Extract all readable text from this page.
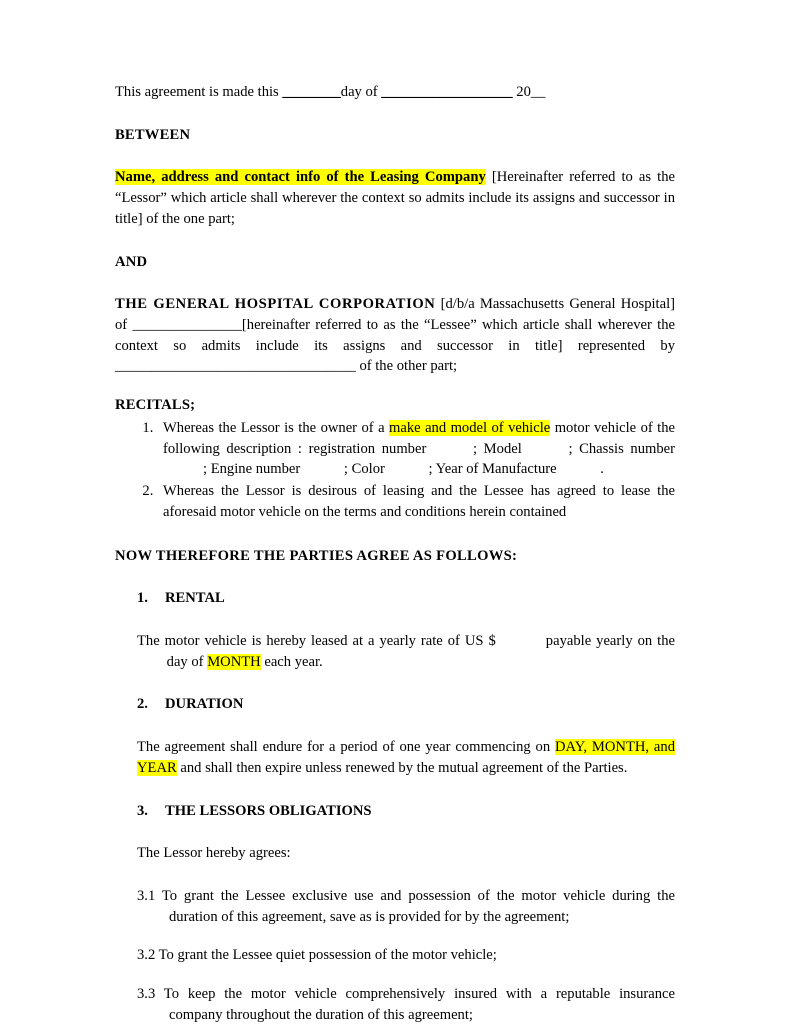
This agreement is made this ________day of __________________ 20__

BETWEEN

Name, address and contact info of the Leasing Company [Hereinafter referred to as the “Lessor” which article shall wherever the context so admits include its assigns and successor in title] of the one part;

AND

THE GENERAL HOSPITAL CORPORATION [d/b/a Massachusetts General Hospital] of _______________[hereinafter referred to as the “Lessee” which article shall wherever the context so admits include its assigns and successor in title] represented by _________________________________ of the other part;

RECITALS;

1. Whereas the Lessor is the owner of a make and model of vehicle motor vehicle of the following description : registration number	; Model	; Chassis number ; Engine number	; Color	; Year of Manufacture	.
2. Whereas the Lessor is desirous of leasing and the Lessee has agreed to lease the aforesaid motor vehicle on the terms and conditions herein contained

NOW THEREFORE THE PARTIES AGREE AS FOLLOWS:

1. RENTAL

The motor vehicle is hereby leased at a yearly rate of US $	payable yearly on the  day of MONTH each year.

2. DURATION

The agreement shall endure for a period of one year commencing on DAY, MONTH, and YEAR and shall then expire unless renewed by the mutual agreement of the Parties.

3. THE LESSORS OBLIGATIONS

The Lessor hereby agrees:

3.1 To grant the Lessee exclusive use and possession of the motor vehicle during the duration of this agreement, save as is provided for by the agreement;

3.2 To grant the Lessee quiet possession of the motor vehicle;

3.3 To keep the motor vehicle comprehensively insured with a reputable insurance company throughout the duration of this agreement;
